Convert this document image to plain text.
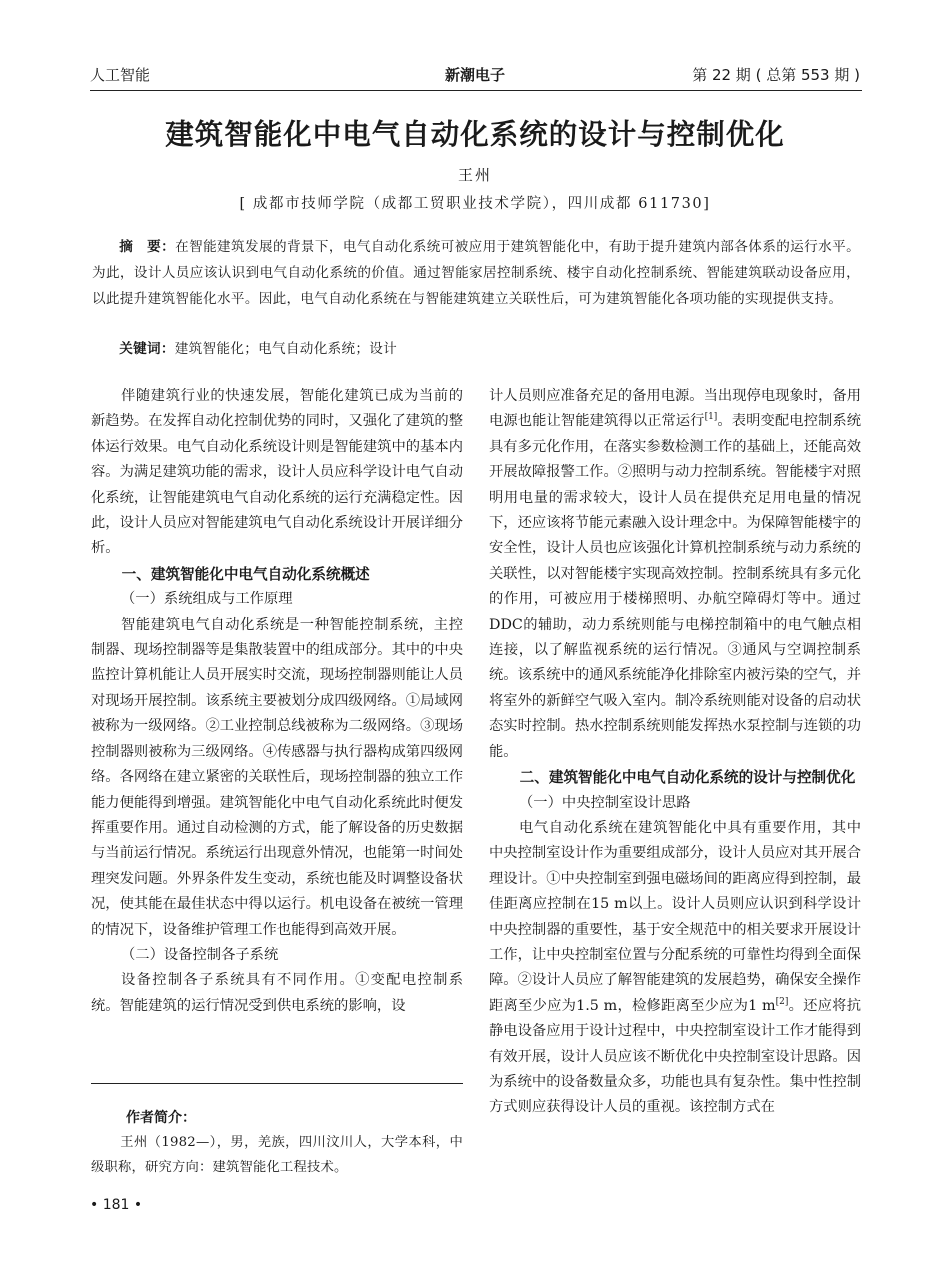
人工智能	新潮电子	第 22 期 ( 总第 553 期 )
建筑智能化中电气自动化系统的设计与控制优化
王州
[ 成都市技师学院（成都工贸职业技术学院），四川成都 611730]
摘　要：在智能建筑发展的背景下，电气自动化系统可被应用于建筑智能化中，有助于提升建筑内部各体系的运行水平。为此，设计人员应该认识到电气自动化系统的价值。通过智能家居控制系统、楼宇自动化控制系统、智能建筑联动设备应用，以此提升建筑智能化水平。因此，电气自动化系统在与智能建筑建立关联性后，可为建筑智能化各项功能的实现提供支持。
关键词：建筑智能化；电气自动化系统；设计

伴随建筑行业的快速发展，智能化建筑已成为当前的新趋势。在发挥自动化控制优势的同时，又强化了建筑的整体运行效果。电气自动化系统设计则是智能建筑中的基本内容。为满足建筑功能的需求，设计人员应科学设计电气自动化系统，让智能建筑电气自动化系统的运行充满稳定性。因此，设计人员应对智能建筑电气自动化系统设计开展详细分析。

一、建筑智能化中电气自动化系统概述
（一）系统组成与工作原理

智能建筑电气自动化系统是一种智能控制系统，主控制器、现场控制器等是集散装置中的组成部分。其中的中央监控计算机能让人员开展实时交流，现场控制器则能让人员对现场开展控制。该系统主要被划分成四级网络。①局域网被称为一级网络。②工业控制总线被称为二级网络。③现场控制器则被称为三级网络。④传感器与执行器构成第四级网络。各网络在建立紧密的关联性后，现场控制器的独立工作能力便能得到增强。建筑智能化中电气自动化系统此时便发挥重要作用。通过自动检测的方式，能了解设备的历史数据与当前运行情况。系统运行出现意外情况，也能第一时间处理突发问题。外界条件发生变动，系统也能及时调整设备状况，使其能在最佳状态中得以运行。机电设备在被统一管理的情况下，设备维护管理工作也能得到高效开展。

（二）设备控制各子系统

设备控制各子系统具有不同作用。①变配电控制系统。智能建筑的运行情况受到供电系统的影响，设

计人员则应准备充足的备用电源。当出现停电现象时，备用电源也能让智能建筑得以正常运行[1]。表明变配电控制系统具有多元化作用，在落实参数检测工作的基础上，还能高效开展故障报警工作。②照明与动力控制系统。智能楼宇对照明用电量的需求较大，设计人员在提供充足用电量的情况下，还应该将节能元素融入设计理念中。为保障智能楼宇的安全性，设计人员也应该强化计算机控制系统与动力系统的关联性，以对智能楼宇实现高效控制。控制系统具有多元化的作用，可被应用于楼梯照明、办航空障碍灯等中。通过DDC的辅助，动力系统则能与电梯控制箱中的电气触点相连接，以了解监视系统的运行情况。③通风与空调控制系统。该系统中的通风系统能净化排除室内被污染的空气，并将室外的新鲜空气吸入室内。制冷系统则能对设备的启动状态实时控制。热水控制系统则能发挥热水泵控制与连锁的功能。

二、建筑智能化中电气自动化系统的设计与控制优化
（一）中央控制室设计思路

电气自动化系统在建筑智能化中具有重要作用，其中中央控制室设计作为重要组成部分，设计人员应对其开展合理设计。①中央控制室到强电磁场间的距离应得到控制，最佳距离应控制在15 m以上。设计人员则应认识到科学设计中央控制器的重要性，基于安全规范中的相关要求开展设计工作，让中央控制室位置与分配系统的可靠性均得到全面保障。②设计人员应了解智能建筑的发展趋势，确保安全操作距离至少应为1.5 m，检修距离至少应为1 m[2]。还应将抗静电设备应用于设计过程中，中央控制室设计工作才能得到有效开展，设计人员应该不断优化中央控制室设计思路。因为系统中的设备数量众多，功能也具有复杂性。集中性控制方式则应获得设计人员的重视。该控制方式在

作者简介：
王州（1982—），男，羌族，四川汶川人，大学本科，中级职称，研究方向：建筑智能化工程技术。
• 181 •
